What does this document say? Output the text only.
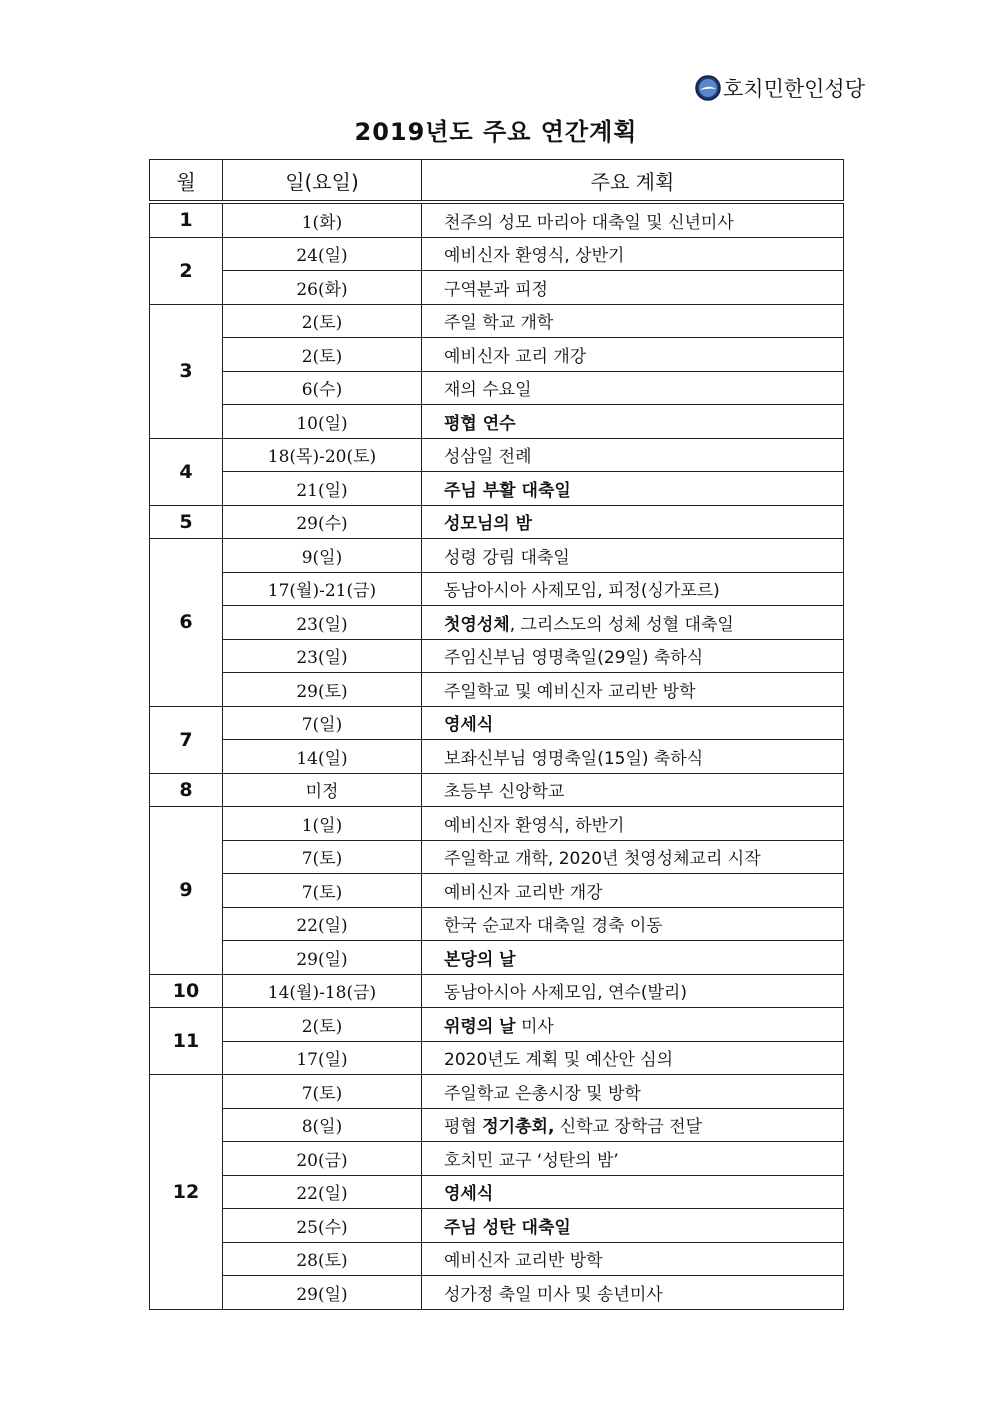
호치민한인성당
2019년도 주요 연간계획
월	일(요일)	주요 계획
1	1(화)	천주의 성모 마리아 대축일 및 신년미사
2	24(일)	예비신자 환영식, 상반기
	26(화)	구역분과 피정
3	2(토)	주일 학교 개학
	2(토)	예비신자 교리 개강
	6(수)	재의 수요일
	10(일)	평협 연수
4	18(목)-20(토)	성삼일 전례
	21(일)	주님 부활 대축일
5	29(수)	성모님의 밤
6	9(일)	성령 강림 대축일
	17(월)-21(금)	동남아시아 사제모임, 피정(싱가포르)
	23(일)	첫영성체, 그리스도의 성체 성혈 대축일
	23(일)	주임신부님 영명축일(29일) 축하식
	29(토)	주일학교 및 예비신자 교리반 방학
7	7(일)	영세식
	14(일)	보좌신부님 영명축일(15일) 축하식
8	미정	초등부 신앙학교
9	1(일)	예비신자 환영식, 하반기
	7(토)	주일학교 개학, 2020년 첫영성체교리 시작
	7(토)	예비신자 교리반 개강
	22(일)	한국 순교자 대축일 경축 이동
	29(일)	본당의 날
10	14(월)-18(금)	동남아시아 사제모임, 연수(발리)
11	2(토)	위령의 날 미사
	17(일)	2020년도 계획 및 예산안 심의
12	7(토)	주일학교 은총시장 및 방학
	8(일)	평협 정기총회, 신학교 장학금 전달
	20(금)	호치민 교구 ‘성탄의 밤’
	22(일)	영세식
	25(수)	주님 성탄 대축일
	28(토)	예비신자 교리반 방학
	29(일)	성가정 축일 미사 및 송년미사
